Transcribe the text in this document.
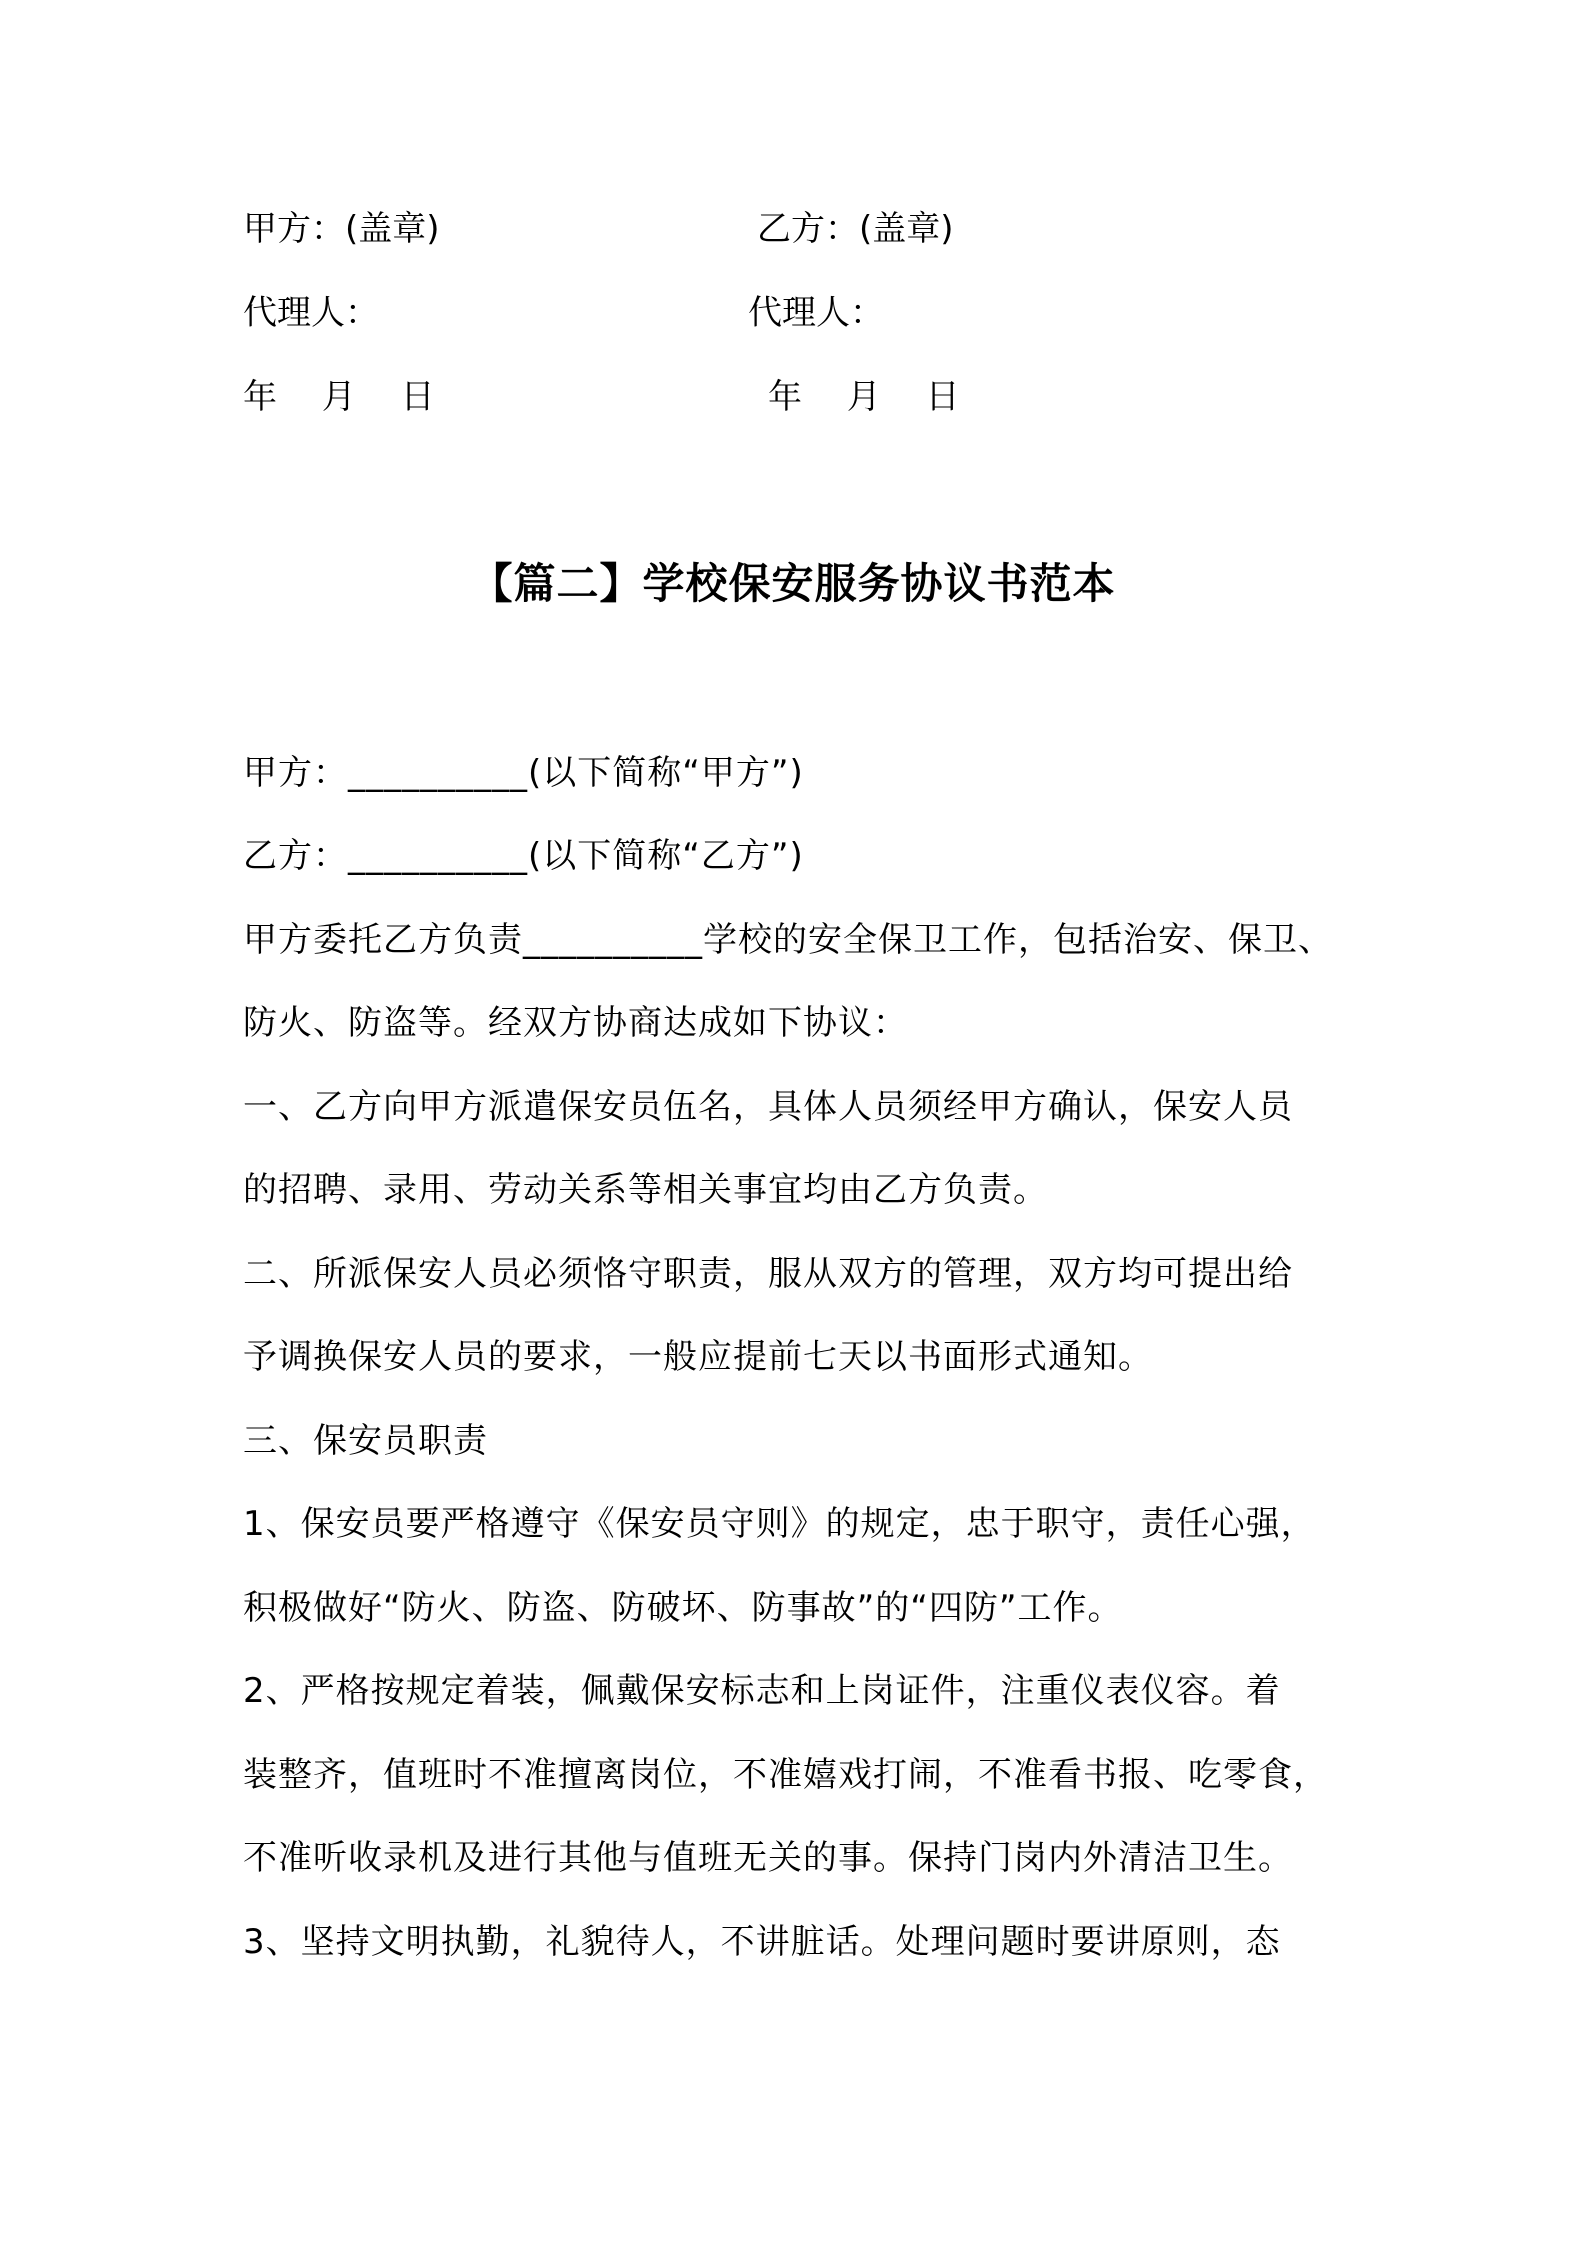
甲方：(盖章)	乙方：(盖章)
代理人：	代理人：
年　 月　 日	年　 月　 日
【篇二】学校保安服务协议书范本
甲方：__________(以下简称“甲方”)
乙方：__________(以下简称“乙方”)
甲方委托乙方负责__________学校的安全保卫工作，包括治安、保卫、
防火、防盗等。经双方协商达成如下协议：
一、乙方向甲方派遣保安员伍名，具体人员须经甲方确认，保安人员
的招聘、录用、劳动关系等相关事宜均由乙方负责。
二、所派保安人员必须恪守职责，服从双方的管理，双方均可提出给
予调换保安人员的要求，一般应提前七天以书面形式通知。
三、保安员职责
1、保安员要严格遵守《保安员守则》的规定，忠于职守，责任心强，
积极做好“防火、防盗、防破坏、防事故”的“四防”工作。
2、严格按规定着装，佩戴保安标志和上岗证件，注重仪表仪容。着
装整齐，值班时不准擅离岗位，不准嬉戏打闹，不准看书报、吃零食，
不准听收录机及进行其他与值班无关的事。保持门岗内外清洁卫生。
3、坚持文明执勤，礼貌待人，不讲脏话。处理问题时要讲原则，态
